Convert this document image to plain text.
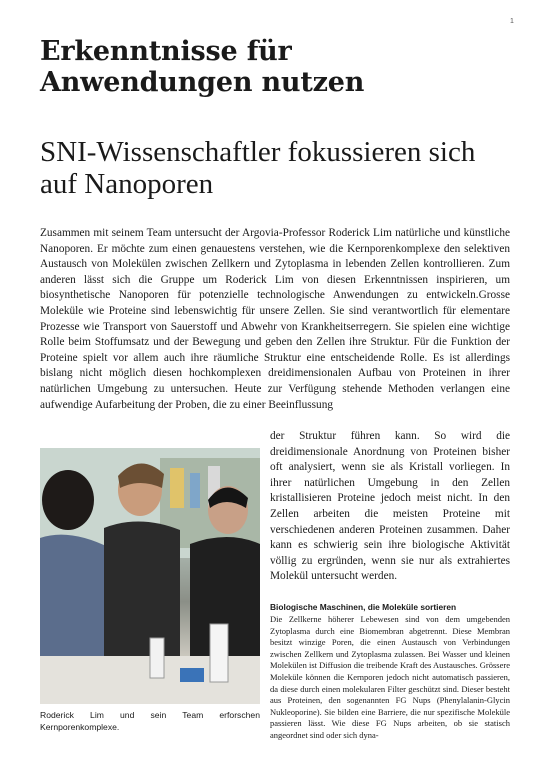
1
Erkenntnisse für Anwendungen nutzen
SNI-Wissenschaftler fokussieren sich auf Nanoporen

Zusammen mit seinem Team untersucht der Argovia-Professor Roderick Lim natürliche und künstliche Nanoporen. Er möchte zum einen genauestens verstehen, wie die Kernporenkomplexe den selektiven Austausch von Molekülen zwischen Zellkern und Zytoplasma in lebenden Zellen kontrollieren. Zum anderen lässt sich die Gruppe um Roderick Lim von diesen Erkenntnissen inspirieren, um biosynthetische Nanoporen für potenzielle technologische Anwendungen zu entwickeln.Grosse Moleküle wie Proteine sind lebenswichtig für unsere Zellen. Sie sind verantwortlich für elementare Prozesse wie Transport von Sauerstoff und Abwehr von Krankheitserregern. Sie spielen eine wichtige Rolle beim Stoffumsatz und der Bewegung und geben den Zellen ihre Struktur. Für die Funktion der Proteine spielt vor allem auch ihre räumliche Struktur eine entscheidende Rolle. Es ist allerdings bislang nicht möglich diesen hochkomplexen dreidimensionalen Aufbau von Proteinen in ihrer natürlichen Umgebung zu untersuchen. Heute zur Verfügung stehende Methoden verlangen eine aufwendige Aufarbeitung der Proben, die zu einer Beeinflussung

Roderick Lim und sein Team erforschen Kernporenkomplexe.

der Struktur führen kann. So wird die dreidimensionale Anordnung von Proteinen bisher oft analysiert, wenn sie als Kristall vorliegen. In ihrer natürlichen Umgebung in den Zellen kristallisieren Proteine jedoch meist nicht. In den Zellen arbeiten die meisten Proteine mit verschiedenen anderen Proteinen zusammen. Daher kann es schwierig sein ihre biologische Aktivität völlig zu ergründen, wenn sie nur als extrahiertes Molekül untersucht werden.

Biologische Maschinen, die Moleküle sortieren

Die Zellkerne höherer Lebewesen sind von dem umgebenden Zytoplasma durch eine Biomembran abgetrennt. Diese Membran besitzt winzige Poren, die einen Austausch von Verbindungen zwischen Zellkern und Zytoplasma zulassen. Bei Wasser und kleinen Molekülen ist Diffusion die treibende Kraft des Austausches. Grössere Moleküle können die Kernporen jedoch nicht automatisch passieren, da diese durch einen molekularen Filter geschützt sind. Dieser besteht aus Proteinen, den sogenannten FG Nups (Phenylalanin-Glycin Nukleoporine). Sie bilden eine Barriere, die nur spezifische Moleküle passieren lässt. Wie diese FG Nups arbeiten, ob sie statisch angeordnet sind oder sich dyna-
